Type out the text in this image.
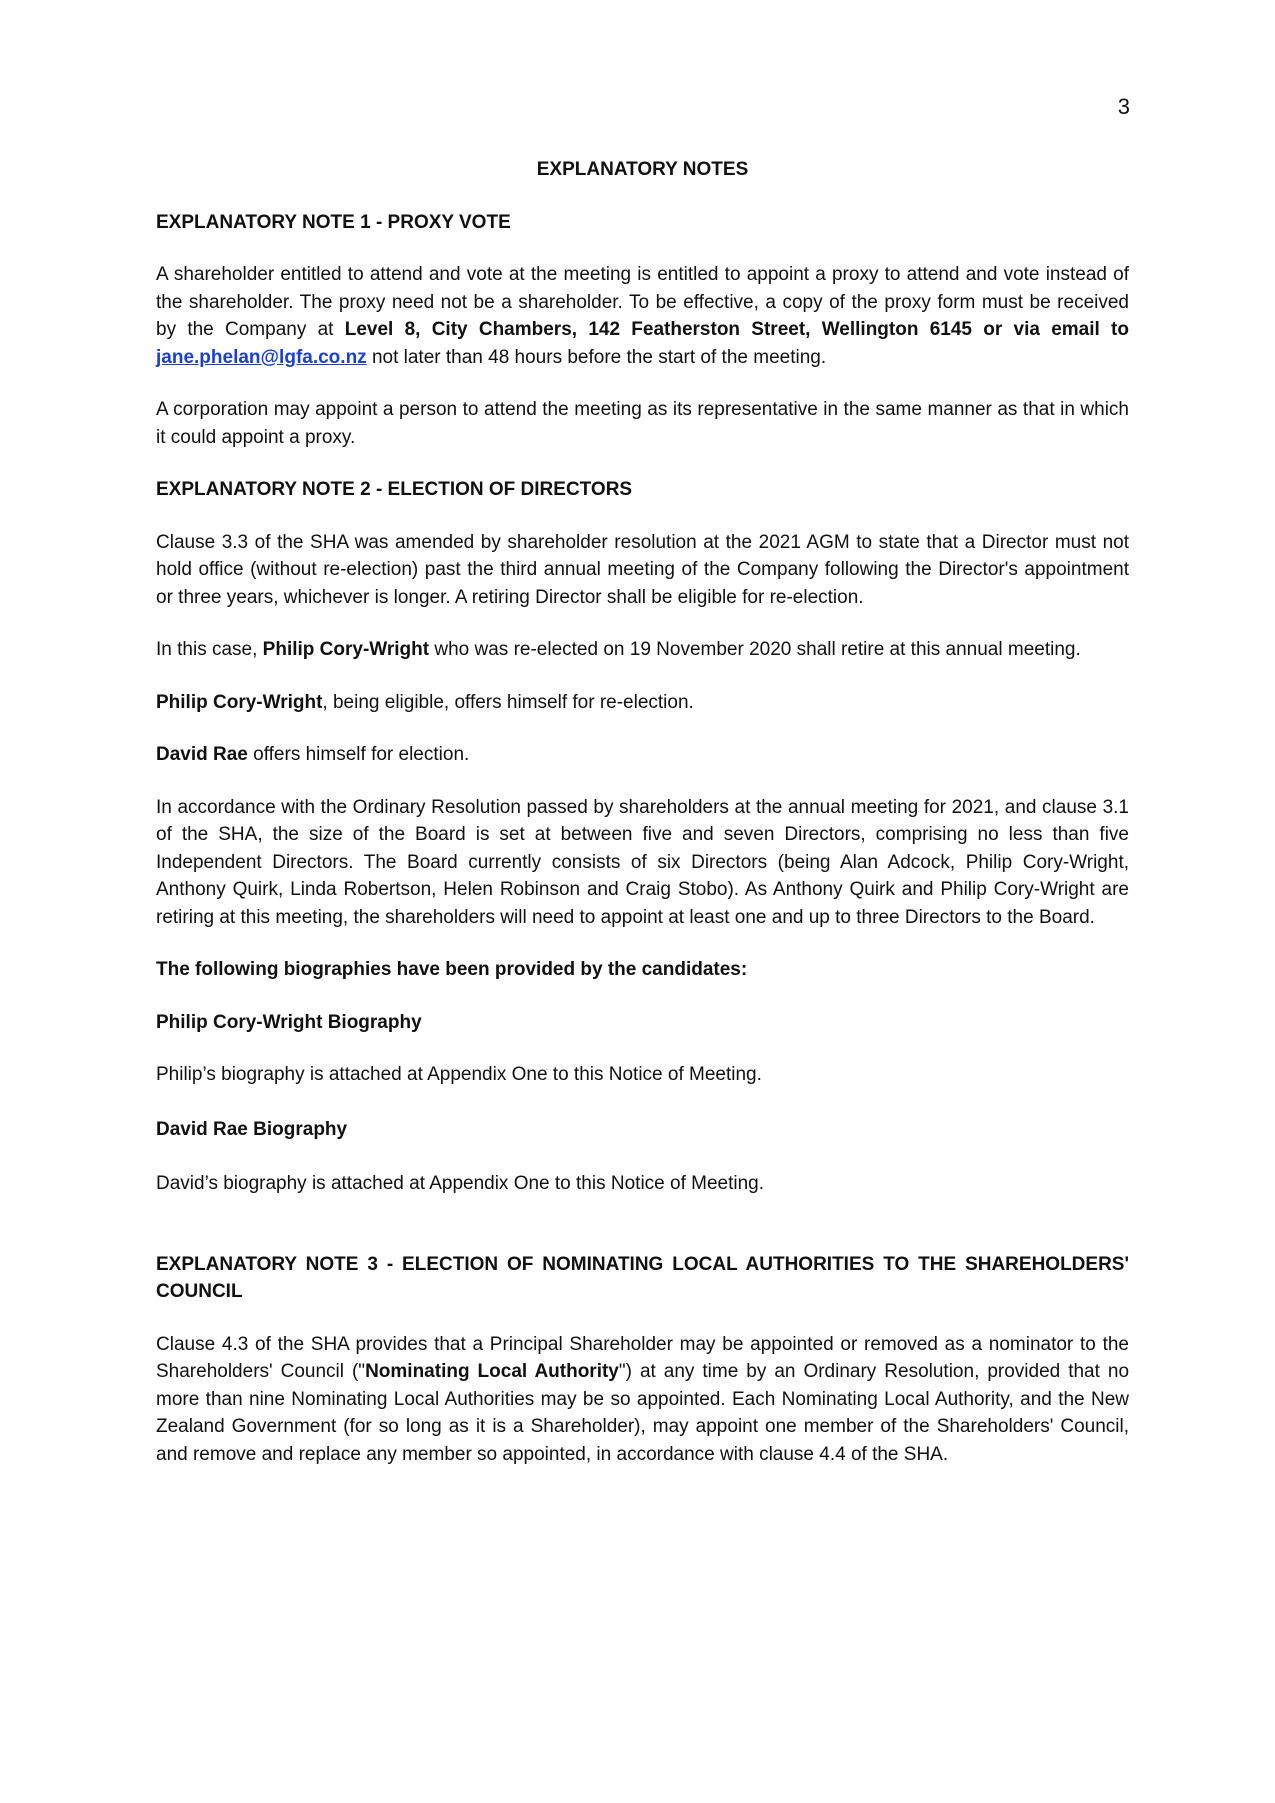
3
EXPLANATORY NOTES
EXPLANATORY NOTE 1 - PROXY VOTE

A shareholder entitled to attend and vote at the meeting is entitled to appoint a proxy to attend and vote instead of the shareholder. The proxy need not be a shareholder. To be effective, a copy of the proxy form must be received by the Company at Level 8, City Chambers, 142 Featherston Street, Wellington 6145 or via email to jane.phelan@lgfa.co.nz not later than 48 hours before the start of the meeting.

A corporation may appoint a person to attend the meeting as its representative in the same manner as that in which it could appoint a proxy.

EXPLANATORY NOTE 2 - ELECTION OF DIRECTORS

Clause 3.3 of the SHA was amended by shareholder resolution at the 2021 AGM to state that a Director must not hold office (without re-election) past the third annual meeting of the Company following the Director's appointment or three years, whichever is longer. A retiring Director shall be eligible for re-election.

In this case, Philip Cory-Wright who was re-elected on 19 November 2020 shall retire at this annual meeting.

Philip Cory-Wright, being eligible, offers himself for re-election.

David Rae offers himself for election.

In accordance with the Ordinary Resolution passed by shareholders at the annual meeting for 2021, and clause 3.1 of the SHA, the size of the Board is set at between five and seven Directors, comprising no less than five Independent Directors. The Board currently consists of six Directors (being Alan Adcock, Philip Cory-Wright, Anthony Quirk, Linda Robertson, Helen Robinson and Craig Stobo). As Anthony Quirk and Philip Cory-Wright are retiring at this meeting, the shareholders will need to appoint at least one and up to three Directors to the Board.

The following biographies have been provided by the candidates:

Philip Cory-Wright Biography

Philip’s biography is attached at Appendix One to this Notice of Meeting.

David Rae Biography

David’s biography is attached at Appendix One to this Notice of Meeting.

EXPLANATORY NOTE 3 - ELECTION OF NOMINATING LOCAL AUTHORITIES TO THE SHAREHOLDERS' COUNCIL

Clause 4.3 of the SHA provides that a Principal Shareholder may be appointed or removed as a nominator to the Shareholders' Council ("Nominating Local Authority") at any time by an Ordinary Resolution, provided that no more than nine Nominating Local Authorities may be so appointed. Each Nominating Local Authority, and the New Zealand Government (for so long as it is a Shareholder), may appoint one member of the Shareholders' Council, and remove and replace any member so appointed, in accordance with clause 4.4 of the SHA.
